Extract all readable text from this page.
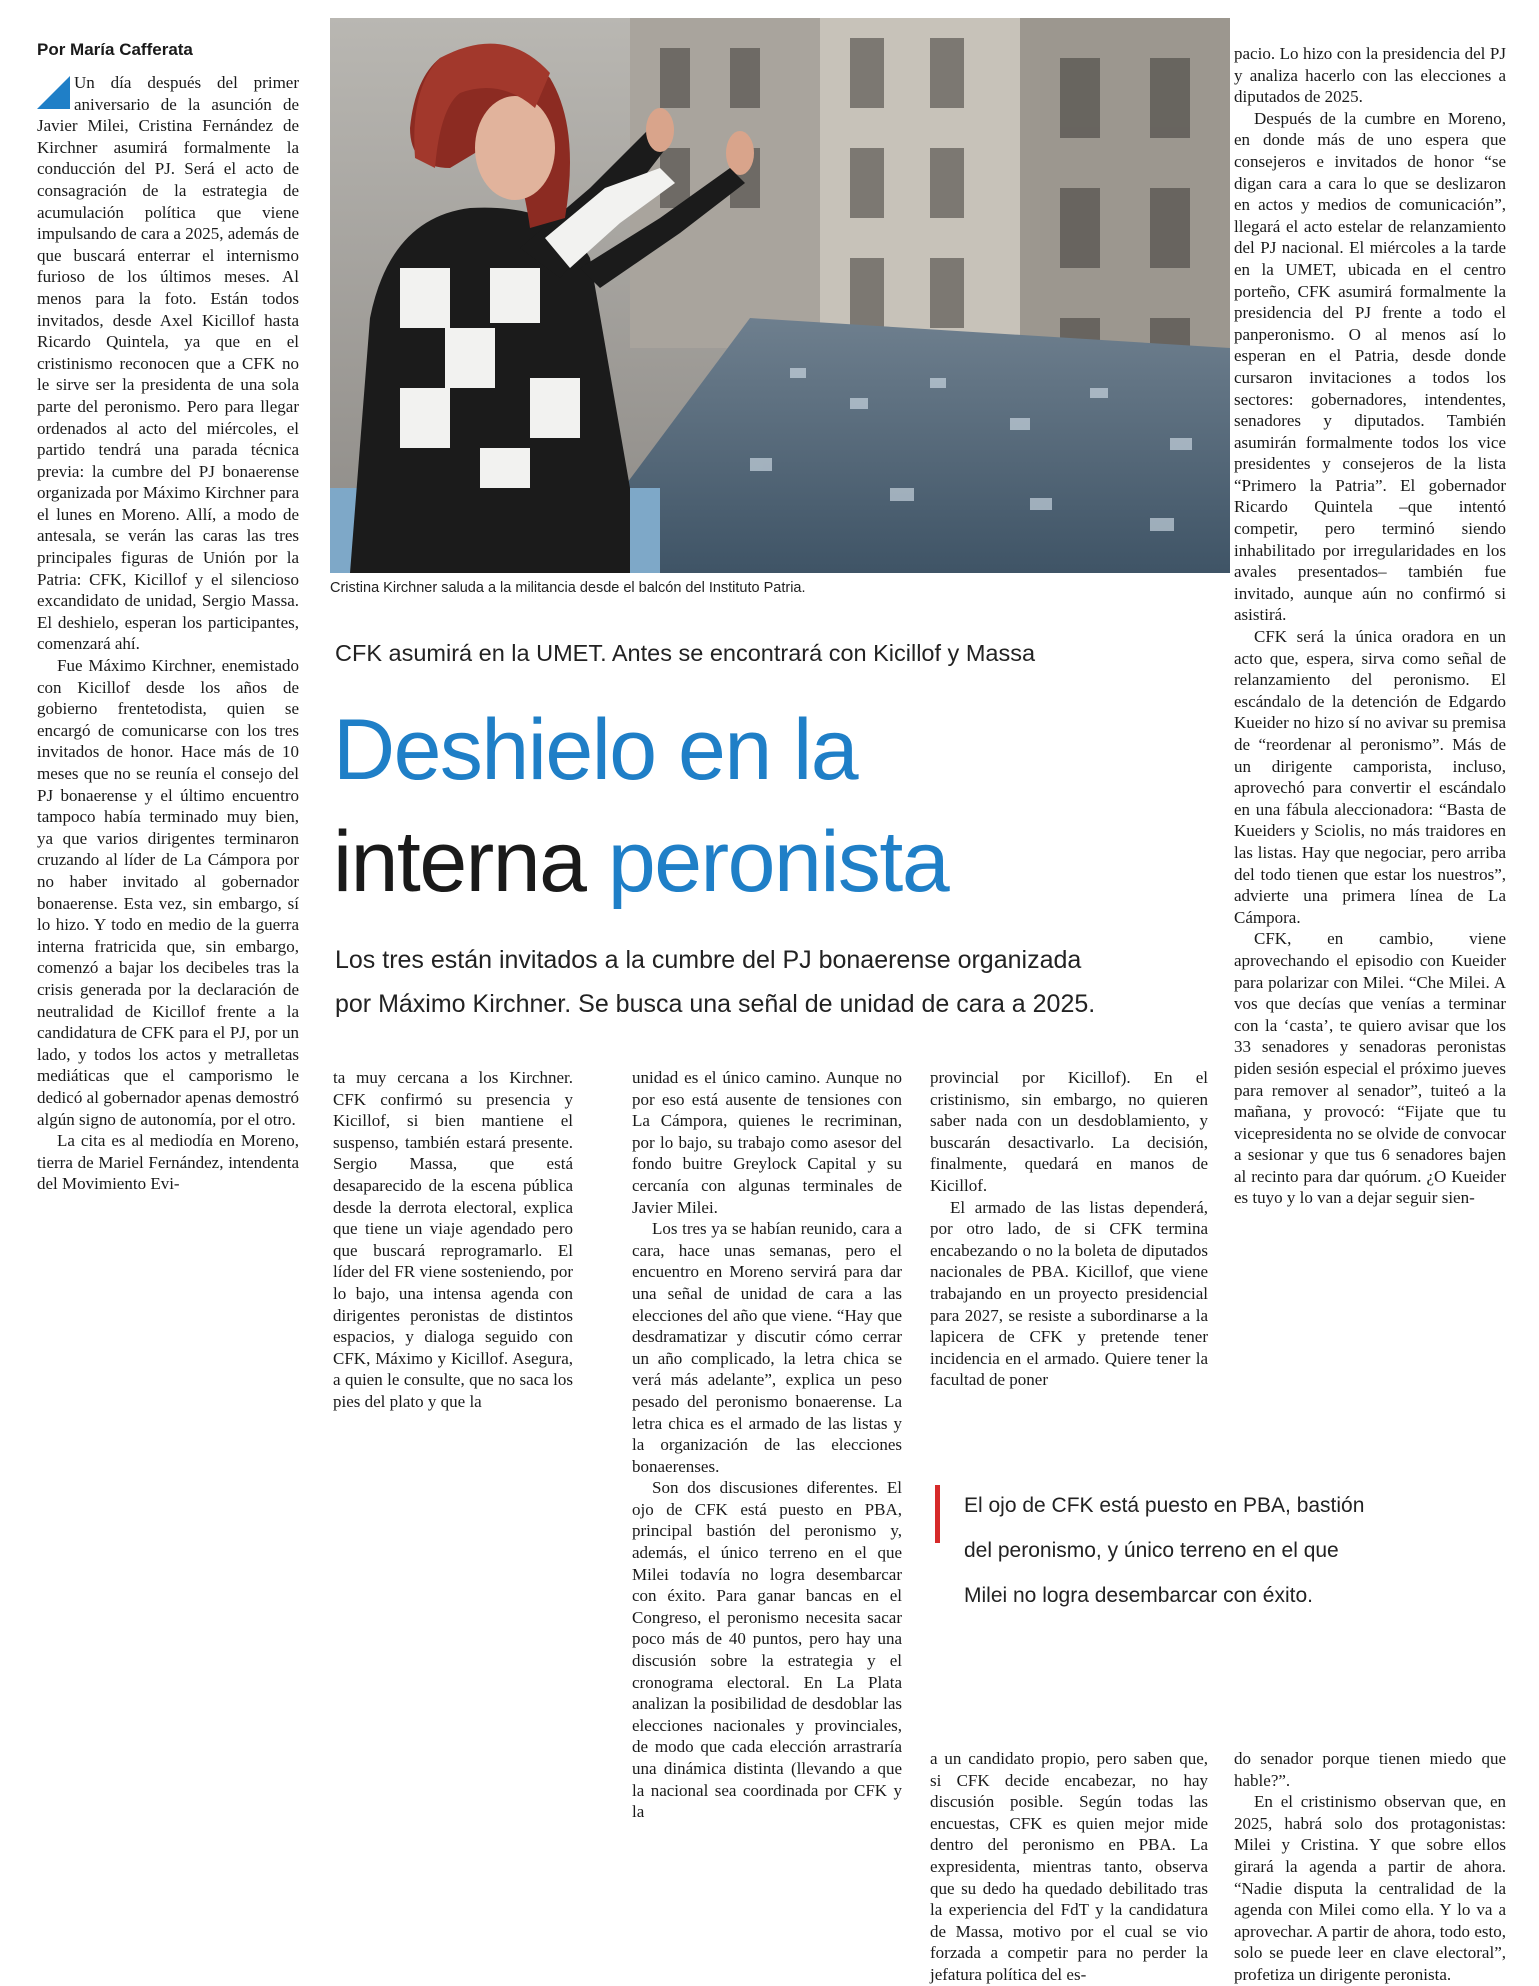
Por María Cafferata
Cristina Kirchner saluda a la militancia desde el balcón del Instituto Patria.
CFK asumirá en la UMET. Antes se encontrará con Kicillof y Massa
Deshielo en la
interna peronista
Los tres están invitados a la cumbre del PJ bonaerense organizada
por Máximo Kirchner. Se busca una señal de unidad de cara a 2025.
El ojo de CFK está puesto en PBA, bastión
del peronismo, y único terreno en el que
Milei no logra desembarcar con éxito.

Un día después del primer aniversario de la asunción de Javier Milei, Cristina Fernández de Kirchner asumirá formalmente la conducción del PJ. Será el acto de consagración de la estrategia de acumulación política que viene impulsando de cara a 2025, además de que buscará enterrar el internismo furioso de los últimos meses. Al menos para la foto. Están todos invitados, desde Axel Kicillof hasta Ricardo Quintela, ya que en el cristinismo reconocen que a CFK no le sirve ser la presidenta de una sola parte del peronismo. Pero para llegar ordenados al acto del miércoles, el partido tendrá una parada técnica previa: la cumbre del PJ bonaerense organizada por Máximo Kirchner para el lunes en Moreno. Allí, a modo de antesala, se verán las caras las tres principales figuras de Unión por la Patria: CFK, Kicillof y el silencioso excandidato de unidad, Sergio Massa. El deshielo, esperan los participantes, comenzará ahí.

Fue Máximo Kirchner, enemistado con Kicillof desde los años de gobierno frentetodista, quien se encargó de comunicarse con los tres invitados de honor. Hace más de 10 meses que no se reunía el consejo del PJ bonaerense y el último encuentro tampoco había terminado muy bien, ya que varios dirigentes terminaron cruzando al líder de La Cámpora por no haber invitado al gobernador bonaerense. Esta vez, sin embargo, sí lo hizo. Y todo en medio de la guerra interna fratricida que, sin embargo, comenzó a bajar los decibeles tras la crisis generada por la declaración de neutralidad de Kicillof frente a la candidatura de CFK para el PJ, por un lado, y todos los actos y metralletas mediáticas que el camporismo le dedicó al gobernador apenas demostró algún signo de autonomía, por el otro.

La cita es al mediodía en Moreno, tierra de Mariel Fernández, intendenta del Movimiento Evi-

ta muy cercana a los Kirchner. CFK confirmó su presencia y Kicillof, si bien mantiene el suspenso, también estará presente. Sergio Massa, que está desaparecido de la escena pública desde la derrota electoral, explica que tiene un viaje agendado pero que buscará reprogramarlo. El líder del FR viene sosteniendo, por lo bajo, una intensa agenda con dirigentes peronistas de distintos espacios, y dialoga seguido con CFK, Máximo y Kicillof. Asegura, a quien le consulte, que no saca los pies del plato y que la

unidad es el único camino. Aunque no por eso está ausente de tensiones con La Cámpora, quienes le recriminan, por lo bajo, su trabajo como asesor del fondo buitre Greylock Capital y su cercanía con algunas terminales de Javier Milei.

Los tres ya se habían reunido, cara a cara, hace unas semanas, pero el encuentro en Moreno servirá para dar una señal de unidad de cara a las elecciones del año que viene. “Hay que desdramatizar y discutir cómo cerrar un año complicado, la letra chica se verá más adelante”, explica un peso pesado del peronismo bonaerense. La letra chica es el armado de las listas y la organización de las elecciones bonaerenses.

Son dos discusiones diferentes. El ojo de CFK está puesto en PBA, principal bastión del peronismo y, además, el único terreno en el que Milei todavía no logra desembarcar con éxito. Para ganar bancas en el Congreso, el peronismo necesita sacar poco más de 40 puntos, pero hay una discusión sobre la estrategia y el cronograma electoral. En La Plata analizan la posibilidad de desdoblar las elecciones nacionales y provinciales, de modo que cada elección arrastraría una dinámica distinta (llevando a que la nacional sea coordinada por CFK y la

provincial por Kicillof). En el cristinismo, sin embargo, no quieren saber nada con un desdoblamiento, y buscarán desactivarlo. La decisión, finalmente, quedará en manos de Kicillof.

El armado de las listas dependerá, por otro lado, de si CFK termina encabezando o no la boleta de diputados nacionales de PBA. Kicillof, que viene trabajando en un proyecto presidencial para 2027, se resiste a subordinarse a la lapicera de CFK y pretende tener incidencia en el armado. Quiere tener la facultad de poner

a un candidato propio, pero saben que, si CFK decide encabezar, no hay discusión posible. Según todas las encuestas, CFK es quien mejor mide dentro del peronismo en PBA. La expresidenta, mientras tanto, observa que su dedo ha quedado debilitado tras la experiencia del FdT y la candidatura de Massa, motivo por el cual se vio forzada a competir para no perder la jefatura política del es-

pacio. Lo hizo con la presidencia del PJ y analiza hacerlo con las elecciones a diputados de 2025.

Después de la cumbre en Moreno, en donde más de uno espera que consejeros e invitados de honor “se digan cara a cara lo que se deslizaron en actos y medios de comunicación”, llegará el acto estelar de relanzamiento del PJ nacional. El miércoles a la tarde en la UMET, ubicada en el centro porteño, CFK asumirá formalmente la presidencia del PJ frente a todo el panperonismo. O al menos así lo esperan en el Patria, desde donde cursaron invitaciones a todos los sectores: gobernadores, intendentes, senadores y diputados. También asumirán formalmente todos los vice presidentes y consejeros de la lista “Primero la Patria”. El gobernador Ricardo Quintela –que intentó competir, pero terminó siendo inhabilitado por irregularidades en los avales presentados– también fue invitado, aunque aún no confirmó si asistirá.

CFK será la única oradora en un acto que, espera, sirva como señal de relanzamiento del peronismo. El escándalo de la detención de Edgardo Kueider no hizo sí no avivar su premisa de “reordenar al peronismo”. Más de un dirigente camporista, incluso, aprovechó para convertir el escándalo en una fábula aleccionadora: “Basta de Kueiders y Sciolis, no más traidores en las listas. Hay que negociar, pero arriba del todo tienen que estar los nuestros”, advierte una primera línea de La Cámpora.

CFK, en cambio, viene aprovechando el episodio con Kueider para polarizar con Milei. “Che Milei. A vos que decías que venías a terminar con la ‘casta’, te quiero avisar que los 33 senadores y senadoras peronistas piden sesión especial el próximo jueves para remover al senador”, tuiteó a la mañana, y provocó: “Fijate que tu vicepresidenta no se olvide de convocar a sesionar y que tus 6 senadores bajen al recinto para dar quórum. ¿O Kueider es tuyo y lo van a dejar seguir sien-

do senador porque tienen miedo que hable?”.

En el cristinismo observan que, en 2025, habrá solo dos protagonistas: Milei y Cristina. Y que sobre ellos girará la agenda a partir de ahora. “Nadie disputa la centralidad de la agenda con Milei como ella. Y lo va a aprovechar. A partir de ahora, todo esto, solo se puede leer en clave electoral”, profetiza un dirigente peronista.
